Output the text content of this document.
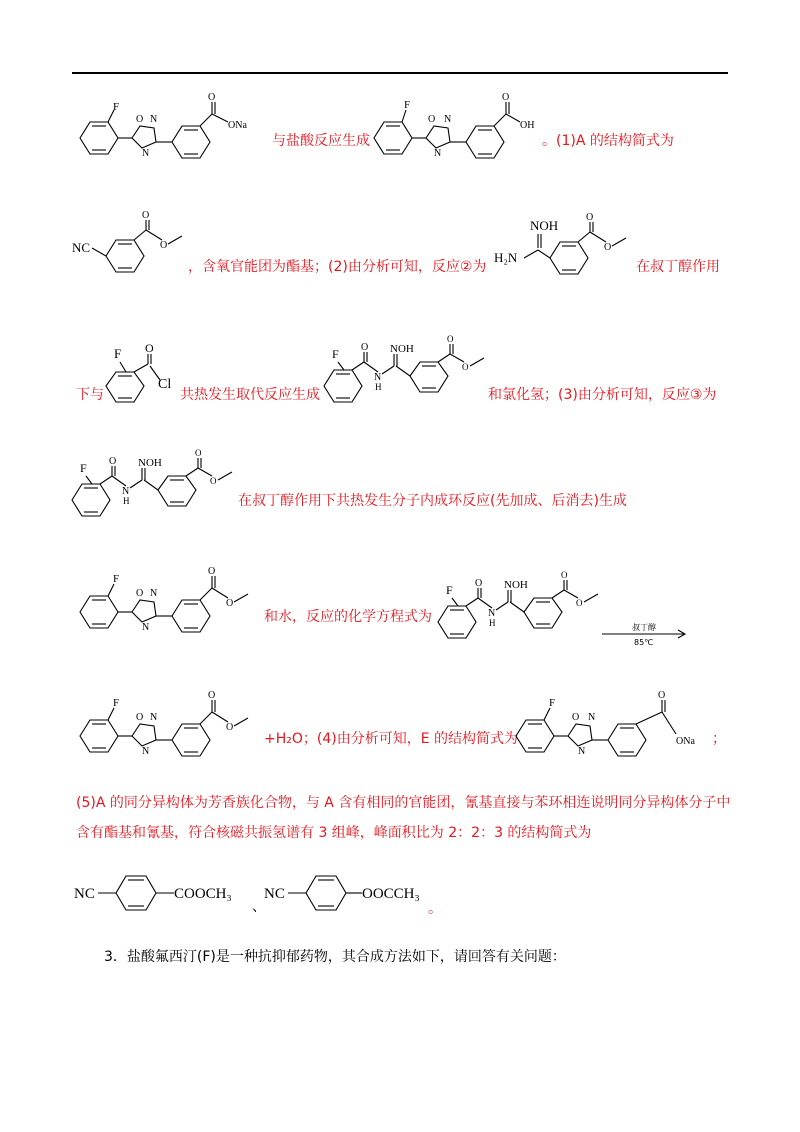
F
O N
N
O
ONa
与盐酸反应生成
F
O N
N
O
OH
。(1)A 的结构简式为
NC
O
O
，含氧官能团为酯基；(2)由分析可知，反应②为
NOH
H₂N
O
O
在叔丁醇作用
下与
F O
Cl
共热发生取代反应生成
F O
N
H
NOH
O
O
和氯化氢；(3)由分析可知，反应③为
F O
N
H
NOH
O
O
在叔丁醇作用下共热发生分子内成环反应(先加成、后消去)生成
F
O N
N
O
O
和水，反应的化学方程式为
F O
N
H
NOH
O
O
叔丁醇
85℃
F
O N
N
O
O
+H₂O；(4)由分析可知，E 的结构简式为
F
O N
N
O
ONa ；
(5)A 的同分异构体为芳香族化合物，与 A 含有相同的官能团，氰基直接与苯环相连说明同分异构体分子中
含有酯基和氰基，符合核磁共振氢谱有 3 组峰，峰面积比为 2：2：3 的结构简式为
NC	COOCH₃
、
NC	OOCCH₃
。
3．盐酸氟西汀(F)是一种抗抑郁药物，其合成方法如下，请回答有关问题：
